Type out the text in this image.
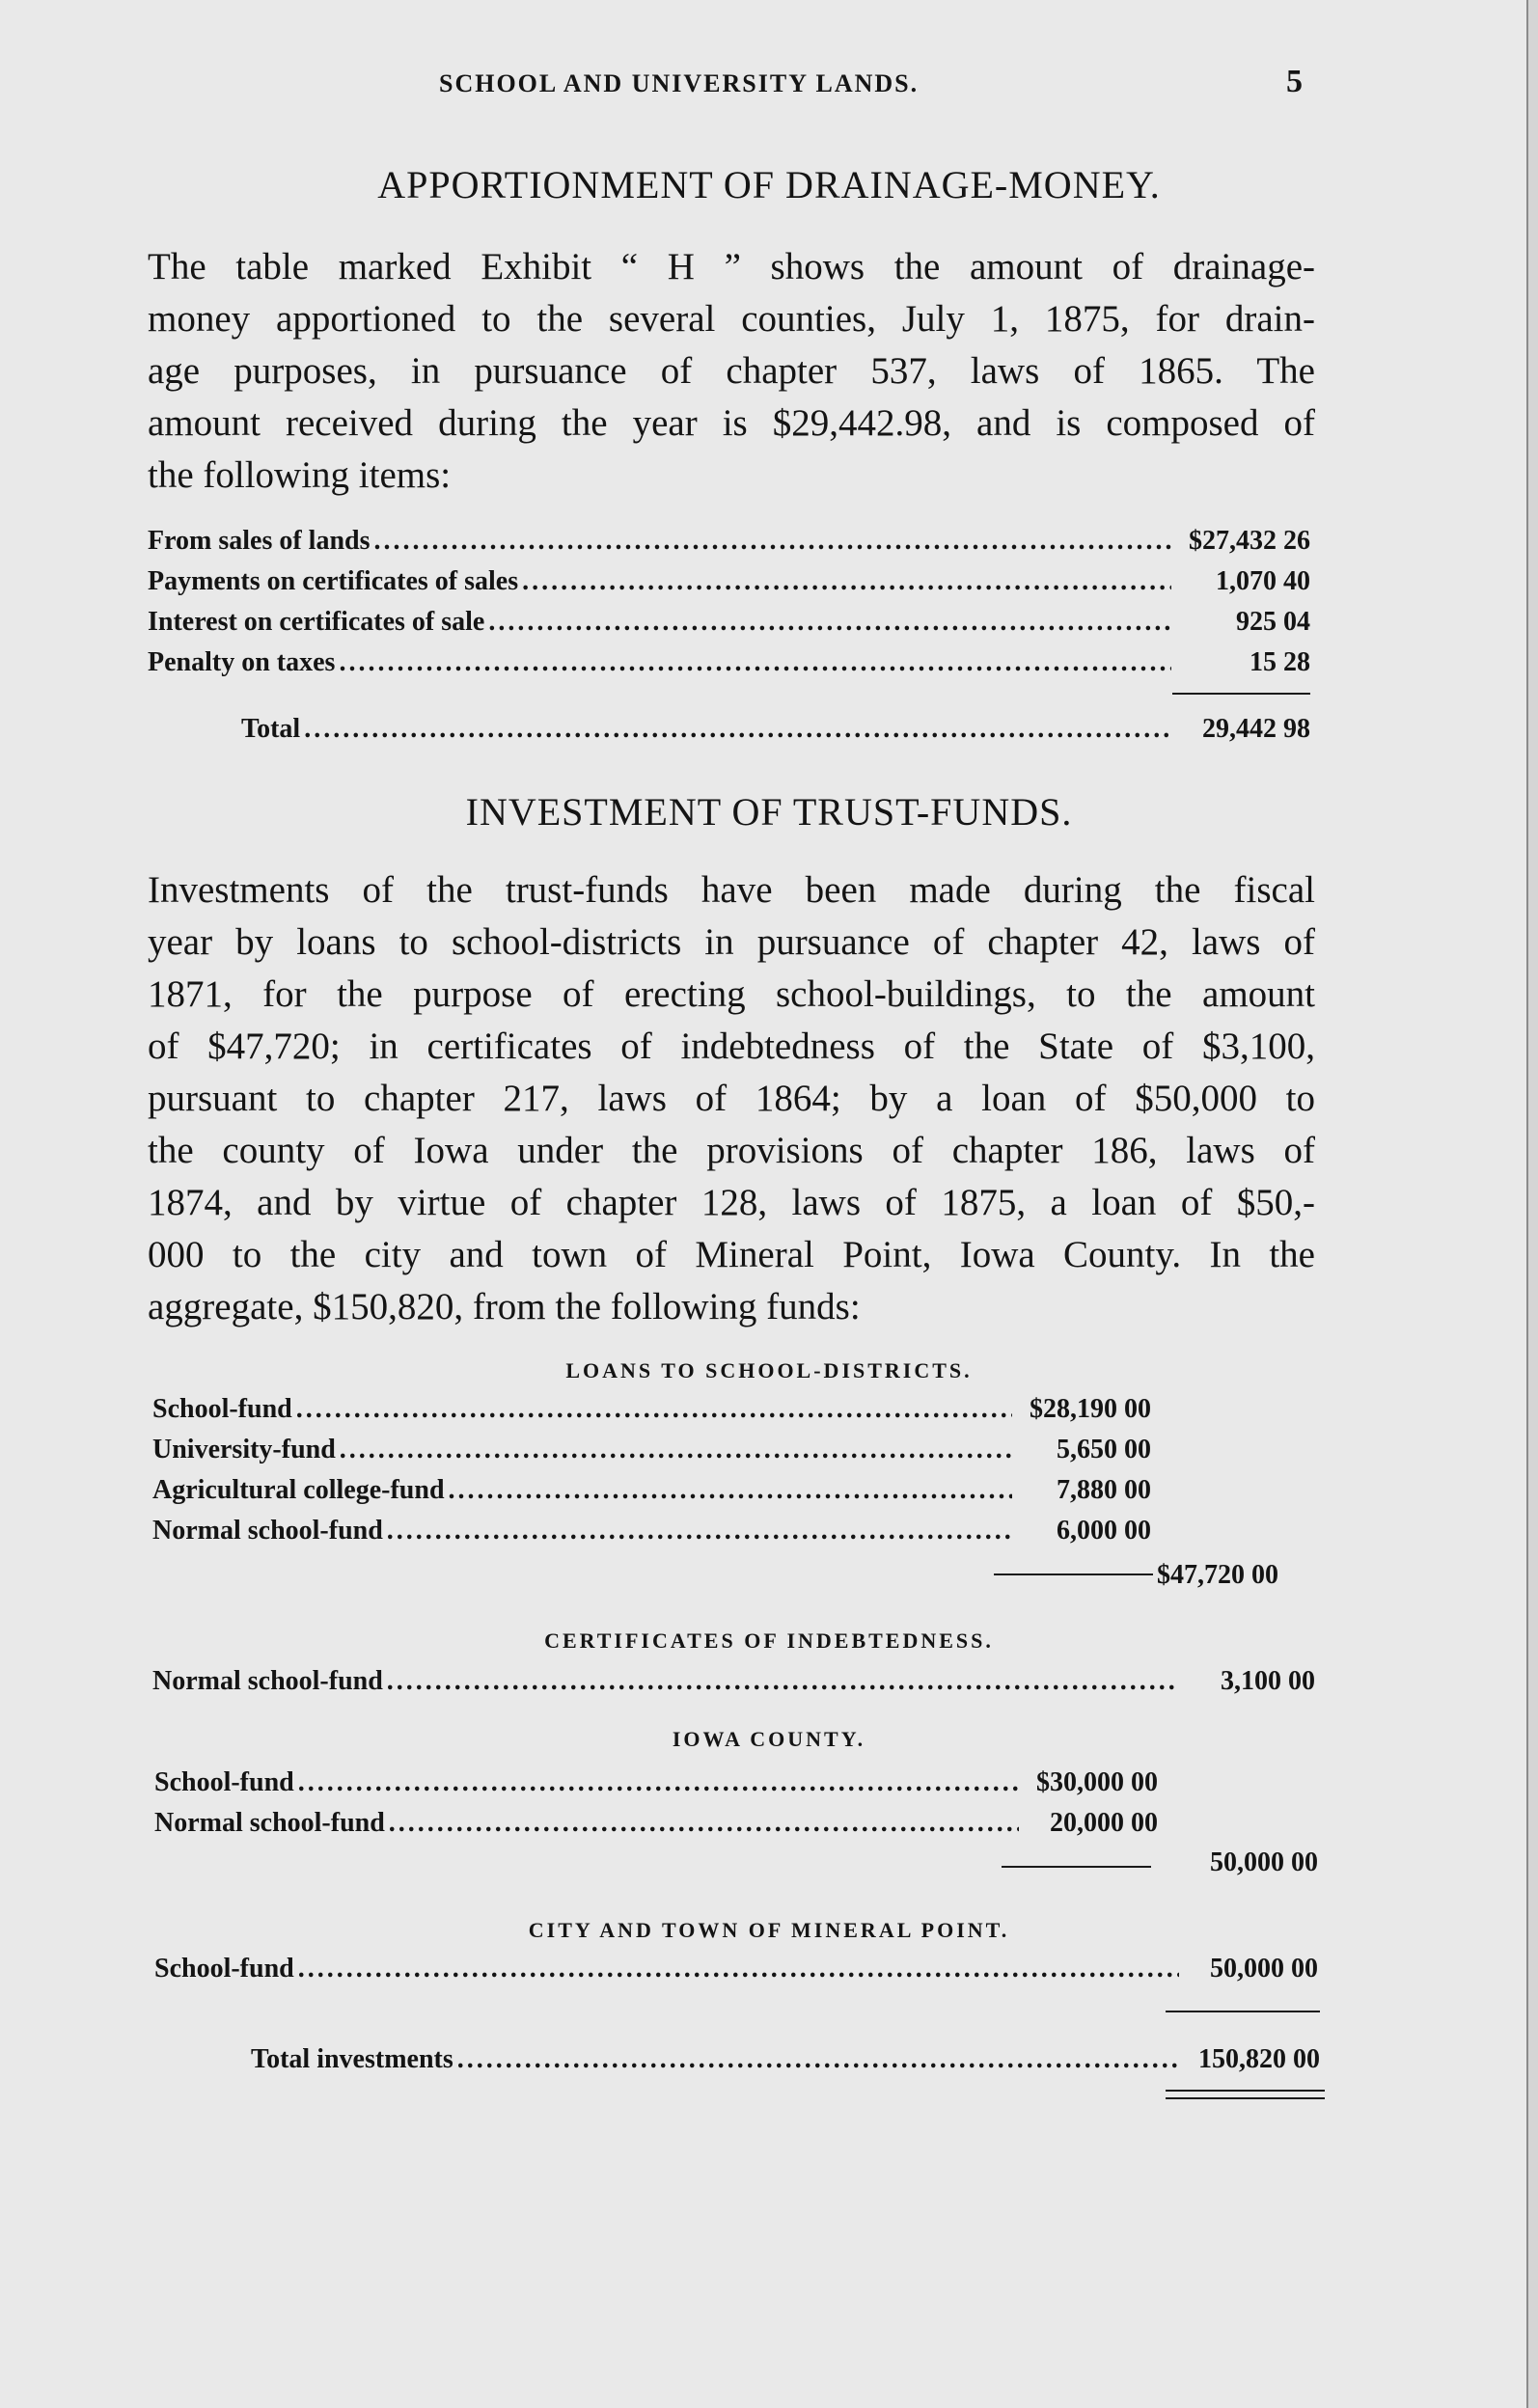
SCHOOL AND UNIVERSITY LANDS.	5
APPORTIONMENT OF DRAINAGE-MONEY.
The table marked Exhibit “ H ” shows the amount of drainage-
money apportioned to the several counties, July 1, 1875, for drain-
age purposes, in pursuance of chapter 537, laws of 1865. The
amount received during the year is $29,442.98, and is composed of
the following items:
From sales of lands .....	$27,432 26
Payments on certificates of sales .....	1,070 40
Interest on certificates of sale .....	925 04
Penalty on taxes .....	15 28
Total .....	29,442 98
INVESTMENT OF TRUST-FUNDS.
Investments of the trust-funds have been made during the fiscal
year by loans to school-districts in pursuance of chapter 42, laws of
1871, for the purpose of erecting school-buildings, to the amount
of $47,720; in certificates of indebtedness of the State of $3,100,
pursuant to chapter 217, laws of 1864; by a loan of $50,000 to
the county of Iowa under the provisions of chapter 186, laws of
1874, and by virtue of chapter 128, laws of 1875, a loan of $50,-
000 to the city and town of Mineral Point, Iowa County. In the
aggregate, $150,820, from the following funds:
LOANS TO SCHOOL-DISTRICTS.
School-fund .....	$28,190 00
University-fund .....	5,650 00
Agricultural college-fund .....	7,880 00
Normal school-fund .....	6,000 00
$47,720 00
CERTIFICATES OF INDEBTEDNESS.
Normal school-fund .....	3,100 00
IOWA COUNTY.
School-fund .....	$30,000 00
Normal school-fund .....	20,000 00
50,000 00
CITY AND TOWN OF MINERAL POINT.
School-fund .....	50,000 00
Total investments .....	150,820 00
